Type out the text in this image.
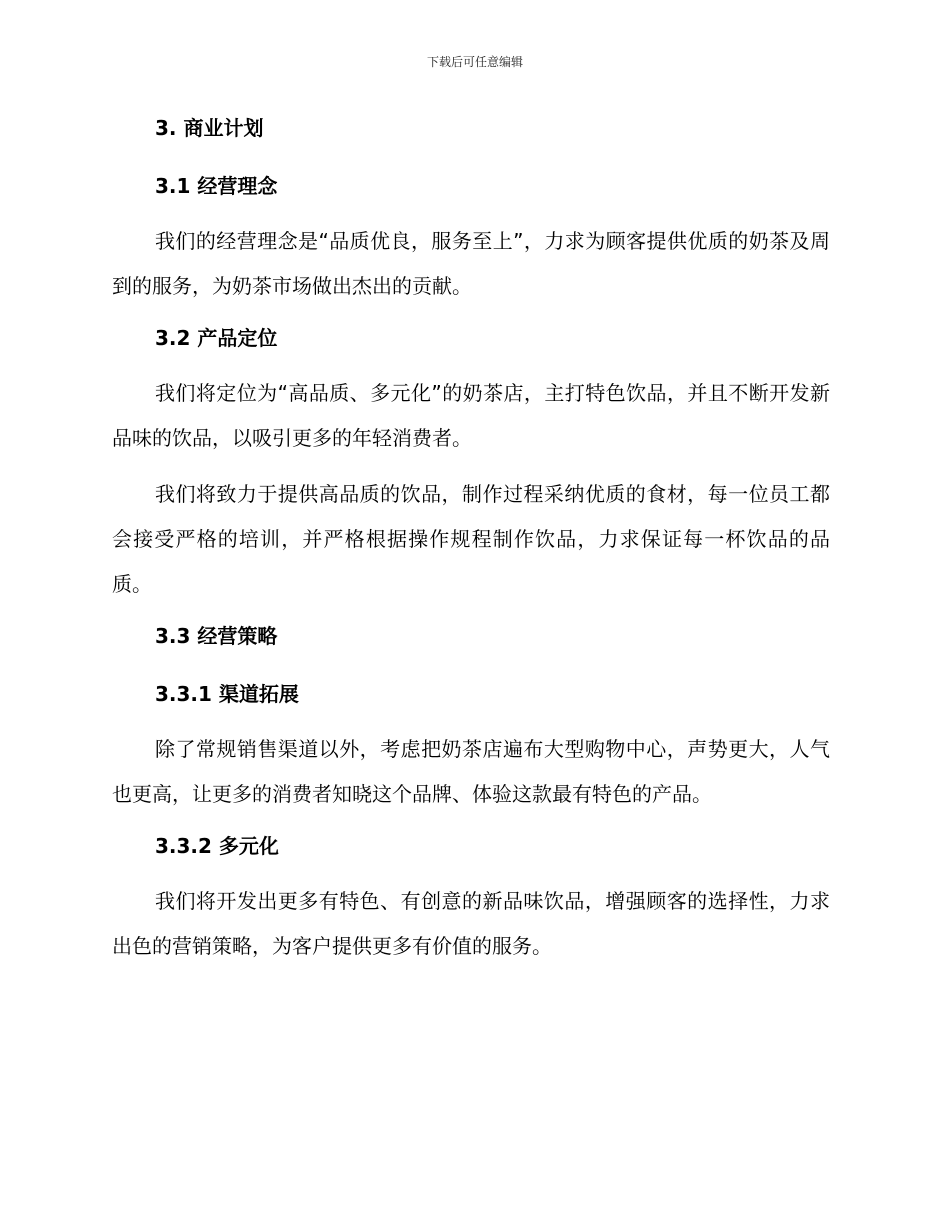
下载后可任意编辑
3. 商业计划
3.1 经营理念

我们的经营理念是“品质优良，服务至上”，力求为顾客提供优质的奶茶及周到的服务，为奶茶市场做出杰出的贡献。

3.2 产品定位

我们将定位为“高品质、多元化”的奶茶店，主打特色饮品，并且不断开发新品味的饮品，以吸引更多的年轻消费者。

我们将致力于提供高品质的饮品，制作过程采纳优质的食材，每一位员工都会接受严格的培训，并严格根据操作规程制作饮品，力求保证每一杯饮品的品质。

3.3 经营策略
3.3.1 渠道拓展

除了常规销售渠道以外，考虑把奶茶店遍布大型购物中心，声势更大，人气也更高，让更多的消费者知晓这个品牌、体验这款最有特色的产品。

3.3.2 多元化

我们将开发出更多有特色、有创意的新品味饮品，增强顾客的选择性，力求出色的营销策略，为客户提供更多有价值的服务。
